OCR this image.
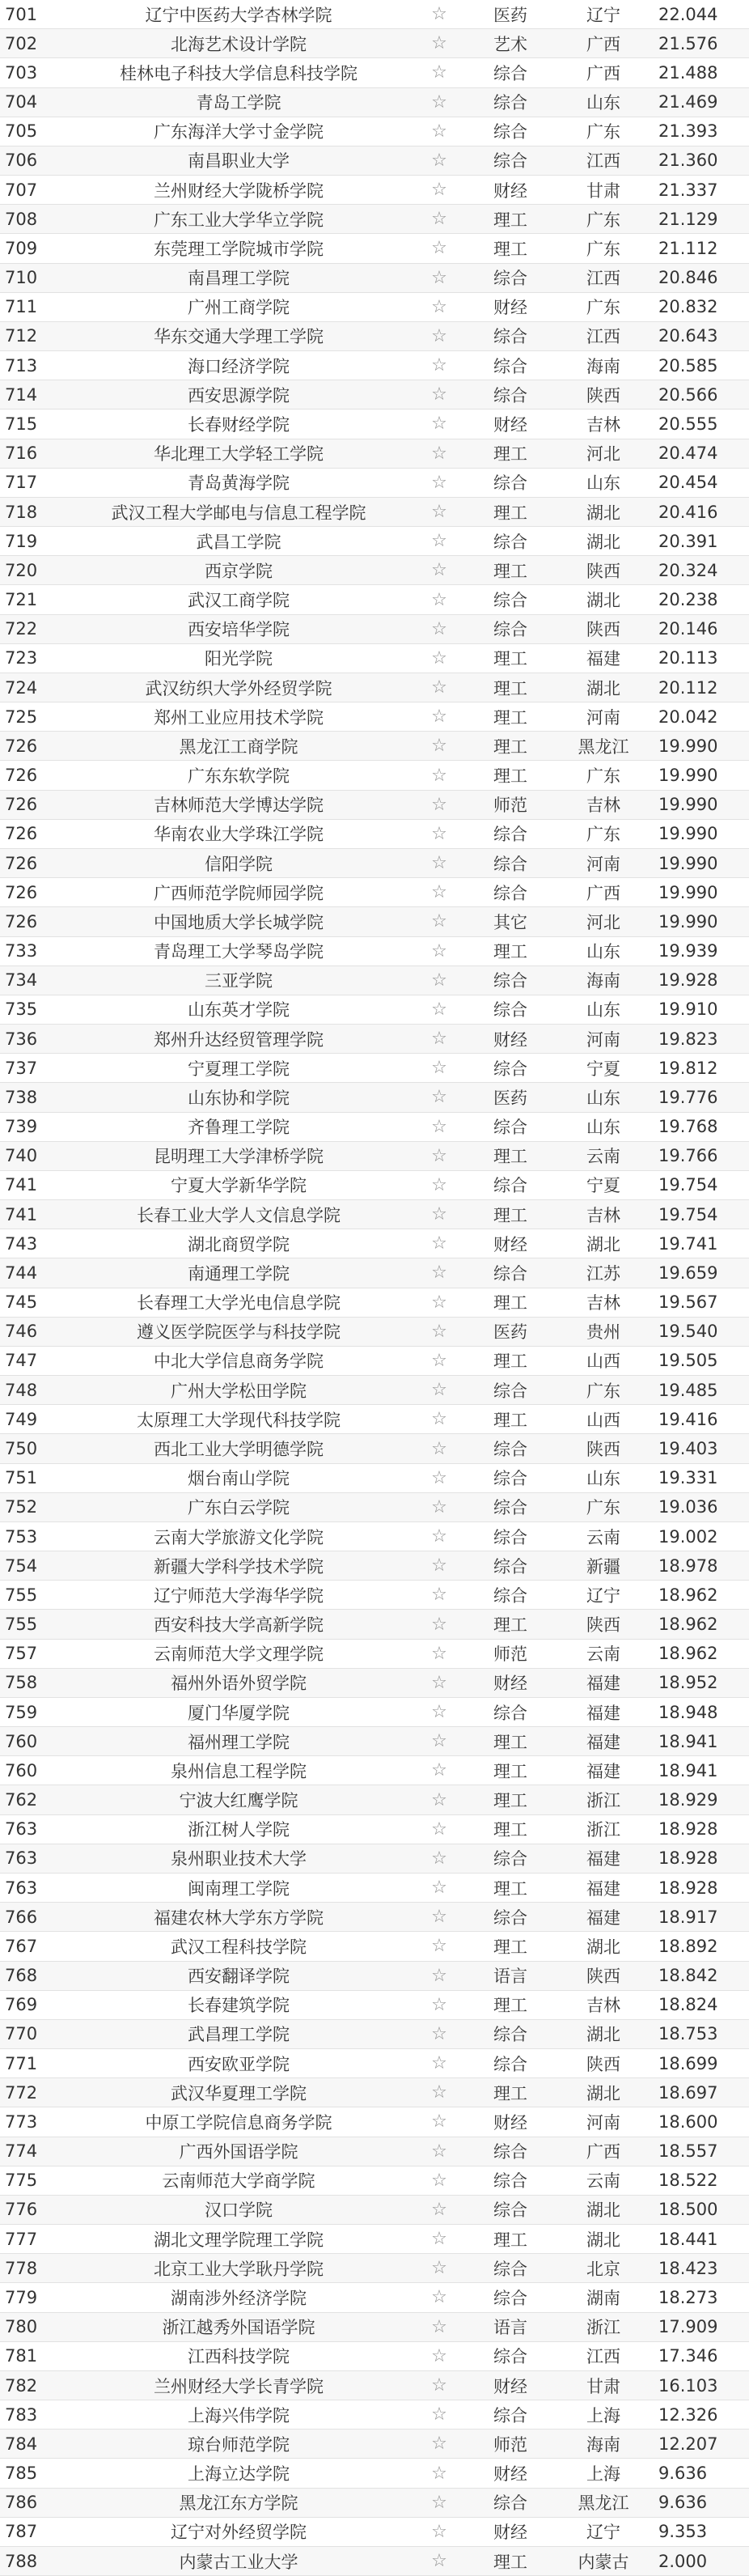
701	辽宁中医药大学杏林学院	☆	医药	辽宁	22.044
702	北海艺术设计学院	☆	艺术	广西	21.576
703	桂林电子科技大学信息科技学院	☆	综合	广西	21.488
704	青岛工学院	☆	综合	山东	21.469
705	广东海洋大学寸金学院	☆	综合	广东	21.393
706	南昌职业大学	☆	综合	江西	21.360
707	兰州财经大学陇桥学院	☆	财经	甘肃	21.337
708	广东工业大学华立学院	☆	理工	广东	21.129
709	东莞理工学院城市学院	☆	理工	广东	21.112
710	南昌理工学院	☆	综合	江西	20.846
711	广州工商学院	☆	财经	广东	20.832
712	华东交通大学理工学院	☆	综合	江西	20.643
713	海口经济学院	☆	综合	海南	20.585
714	西安思源学院	☆	综合	陕西	20.566
715	长春财经学院	☆	财经	吉林	20.555
716	华北理工大学轻工学院	☆	理工	河北	20.474
717	青岛黄海学院	☆	综合	山东	20.454
718	武汉工程大学邮电与信息工程学院	☆	理工	湖北	20.416
719	武昌工学院	☆	综合	湖北	20.391
720	西京学院	☆	理工	陕西	20.324
721	武汉工商学院	☆	综合	湖北	20.238
722	西安培华学院	☆	综合	陕西	20.146
723	阳光学院	☆	理工	福建	20.113
724	武汉纺织大学外经贸学院	☆	理工	湖北	20.112
725	郑州工业应用技术学院	☆	理工	河南	20.042
726	黑龙江工商学院	☆	理工	黑龙江	19.990
726	广东东软学院	☆	理工	广东	19.990
726	吉林师范大学博达学院	☆	师范	吉林	19.990
726	华南农业大学珠江学院	☆	综合	广东	19.990
726	信阳学院	☆	综合	河南	19.990
726	广西师范学院师园学院	☆	综合	广西	19.990
726	中国地质大学长城学院	☆	其它	河北	19.990
733	青岛理工大学琴岛学院	☆	理工	山东	19.939
734	三亚学院	☆	综合	海南	19.928
735	山东英才学院	☆	综合	山东	19.910
736	郑州升达经贸管理学院	☆	财经	河南	19.823
737	宁夏理工学院	☆	综合	宁夏	19.812
738	山东协和学院	☆	医药	山东	19.776
739	齐鲁理工学院	☆	综合	山东	19.768
740	昆明理工大学津桥学院	☆	理工	云南	19.766
741	宁夏大学新华学院	☆	综合	宁夏	19.754
741	长春工业大学人文信息学院	☆	理工	吉林	19.754
743	湖北商贸学院	☆	财经	湖北	19.741
744	南通理工学院	☆	综合	江苏	19.659
745	长春理工大学光电信息学院	☆	理工	吉林	19.567
746	遵义医学院医学与科技学院	☆	医药	贵州	19.540
747	中北大学信息商务学院	☆	理工	山西	19.505
748	广州大学松田学院	☆	综合	广东	19.485
749	太原理工大学现代科技学院	☆	理工	山西	19.416
750	西北工业大学明德学院	☆	综合	陕西	19.403
751	烟台南山学院	☆	综合	山东	19.331
752	广东白云学院	☆	综合	广东	19.036
753	云南大学旅游文化学院	☆	综合	云南	19.002
754	新疆大学科学技术学院	☆	综合	新疆	18.978
755	辽宁师范大学海华学院	☆	综合	辽宁	18.962
755	西安科技大学高新学院	☆	理工	陕西	18.962
757	云南师范大学文理学院	☆	师范	云南	18.962
758	福州外语外贸学院	☆	财经	福建	18.952
759	厦门华厦学院	☆	综合	福建	18.948
760	福州理工学院	☆	理工	福建	18.941
760	泉州信息工程学院	☆	理工	福建	18.941
762	宁波大红鹰学院	☆	理工	浙江	18.929
763	浙江树人学院	☆	理工	浙江	18.928
763	泉州职业技术大学	☆	综合	福建	18.928
763	闽南理工学院	☆	理工	福建	18.928
766	福建农林大学东方学院	☆	综合	福建	18.917
767	武汉工程科技学院	☆	理工	湖北	18.892
768	西安翻译学院	☆	语言	陕西	18.842
769	长春建筑学院	☆	理工	吉林	18.824
770	武昌理工学院	☆	综合	湖北	18.753
771	西安欧亚学院	☆	综合	陕西	18.699
772	武汉华夏理工学院	☆	理工	湖北	18.697
773	中原工学院信息商务学院	☆	财经	河南	18.600
774	广西外国语学院	☆	综合	广西	18.557
775	云南师范大学商学院	☆	综合	云南	18.522
776	汉口学院	☆	综合	湖北	18.500
777	湖北文理学院理工学院	☆	理工	湖北	18.441
778	北京工业大学耿丹学院	☆	综合	北京	18.423
779	湖南涉外经济学院	☆	综合	湖南	18.273
780	浙江越秀外国语学院	☆	语言	浙江	17.909
781	江西科技学院	☆	综合	江西	17.346
782	兰州财经大学长青学院	☆	财经	甘肃	16.103
783	上海兴伟学院	☆	综合	上海	12.326
784	琼台师范学院	☆	师范	海南	12.207
785	上海立达学院	☆	财经	上海	9.636
786	黑龙江东方学院	☆	综合	黑龙江	9.636
787	辽宁对外经贸学院	☆	财经	辽宁	9.353
788	内蒙古工业大学	☆	理工	内蒙古	2.000
